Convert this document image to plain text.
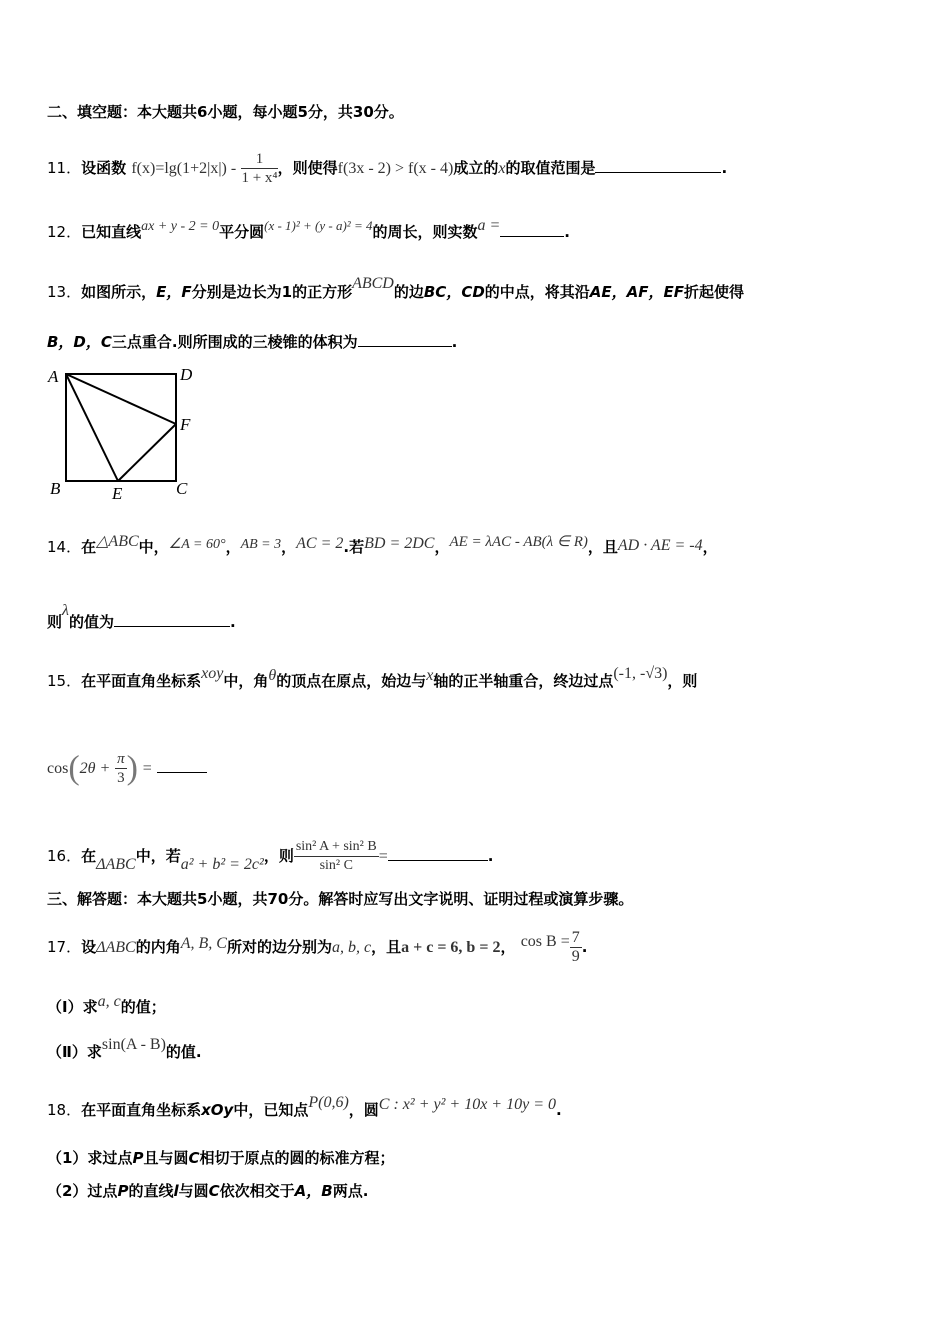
二、填空题：本大题共6小题，每小题5分，共30分。
11．设函数 $f(x)=\lg(1+2|x|) - \frac{1}{\text{1 + x⁴}}$ ，则使得f(3x - 2) > f(x - 4)成立的x的取值范围是	.
12．已知直线ax + y - 2 = 0平分圆(x - 1)² + (y - a)² = 4的周长，则实数a =	.
13．如图所示，E，F分别是边长为1的正方形ABCD的边BC，CD的中点，将其沿AE，AF，EF折起使得
B，D，C三点重合.则所围成的三棱锥的体积为	.
A	D
F
B	E	C
14．在△ABC中，∠A = 60°，AB = 3，AC = 2.若BD = 2DC，AE = λAC - AB(λ ∈ R)，且AD · AE = -4，
则λ的值为	.
15．在平面直角坐标系xoy中，角θ的顶点在原点，始边与x轴的正半轴重合，终边过点(-1, -√3)，则
$\cos(2\theta + \frac{\pi}{3}$ ) =
16．在ΔABC中，若a² + b² = 2c²，则 $\frac{\text{sin² A + sin² B}}{\text{sin² C}}$ =	.
三、解答题：本大题共5小题，共70分。解答时应写出文字说明、证明过程或演算步骤。
17．设ΔABC的内角A, B, C所对的边分别为a, b, c，且a + c = 6, b = 2， $\cos B = \frac{7}{9}$ .
（Ⅰ）求a, c的值；
（Ⅱ）求sin(A - B)的值.
18．在平面直角坐标系xOy中，已知点P(0,6)，圆C : x² + y² + 10x + 10y = 0.
（1）求过点P且与圆C相切于原点的圆的标准方程；
（2）过点P的直线l与圆C依次相交于A，B两点.
